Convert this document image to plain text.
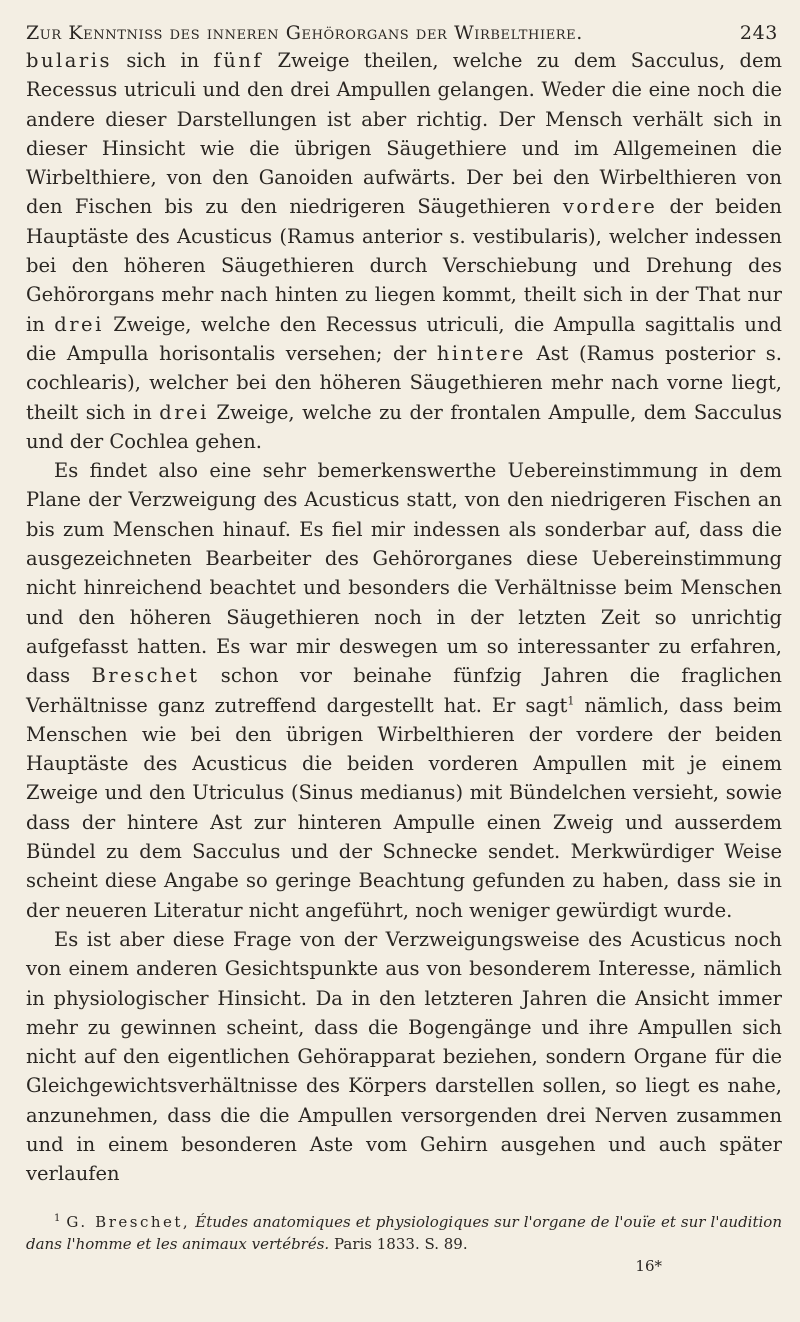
Zur Kenntniss des inneren Gehörorgans der Wirbelthiere.	243

bularis sich in fünf Zweige theilen, welche zu dem Sacculus, dem Recessus utriculi und den drei Ampullen gelangen. Weder die eine noch die andere dieser Darstellungen ist aber richtig. Der Mensch verhält sich in dieser Hinsicht wie die übrigen Säugethiere und im Allgemeinen die Wirbelthiere, von den Ganoiden aufwärts. Der bei den Wirbelthieren von den Fischen bis zu den niedrigeren Säugethieren vordere der beiden Hauptäste des Acusticus (Ramus anterior s. vestibularis), welcher indessen bei den höheren Säugethieren durch Verschiebung und Drehung des Gehörorgans mehr nach hinten zu liegen kommt, theilt sich in der That nur in drei Zweige, welche den Recessus utriculi, die Ampulla sagittalis und die Ampulla horisontalis versehen; der hintere Ast (Ramus posterior s. cochlearis), welcher bei den höheren Säugethieren mehr nach vorne liegt, theilt sich in drei Zweige, welche zu der frontalen Ampulle, dem Sacculus und der Cochlea gehen.

Es findet also eine sehr bemerkenswerthe Uebereinstimmung in dem Plane der Verzweigung des Acusticus statt, von den niedrigeren Fischen an bis zum Menschen hinauf. Es fiel mir indessen als sonderbar auf, dass die ausgezeichneten Bearbeiter des Gehörorganes diese Uebereinstimmung nicht hinreichend beachtet und besonders die Verhältnisse beim Menschen und den höheren Säugethieren noch in der letzten Zeit so unrichtig aufgefasst hatten. Es war mir deswegen um so interessanter zu erfahren, dass Breschet schon vor beinahe fünfzig Jahren die fraglichen Verhältnisse ganz zutreffend dargestellt hat. Er sagt$^1$ nämlich, dass beim Menschen wie bei den übrigen Wirbelthieren der vordere der beiden Hauptäste des Acusticus die beiden vorderen Ampullen mit je einem Zweige und den Utriculus (Sinus medianus) mit Bündelchen versieht, sowie dass der hintere Ast zur hinteren Ampulle einen Zweig und ausserdem Bündel zu dem Sacculus und der Schnecke sendet. Merkwürdiger Weise scheint diese Angabe so geringe Beachtung gefunden zu haben, dass sie in der neueren Literatur nicht angeführt, noch weniger gewürdigt wurde.

Es ist aber diese Frage von der Verzweigungsweise des Acusticus noch von einem anderen Gesichtspunkte aus von besonderem Interesse, nämlich in physiologischer Hinsicht. Da in den letzteren Jahren die Ansicht immer mehr zu gewinnen scheint, dass die Bogengänge und ihre Ampullen sich nicht auf den eigentlichen Gehörapparat beziehen, sondern Organe für die Gleichgewichtsverhältnisse des Körpers darstellen sollen, so liegt es nahe, anzunehmen, dass die die Ampullen versorgenden drei Nerven zusammen und in einem besonderen Aste vom Gehirn ausgehen und auch später verlaufen

$^1$ G. Breschet, Études anatomiques et physiologiques sur l'organe de l'ouïe et sur l'audition dans l'homme et les animaux vertébrés. Paris 1833. S. 89.

16*
